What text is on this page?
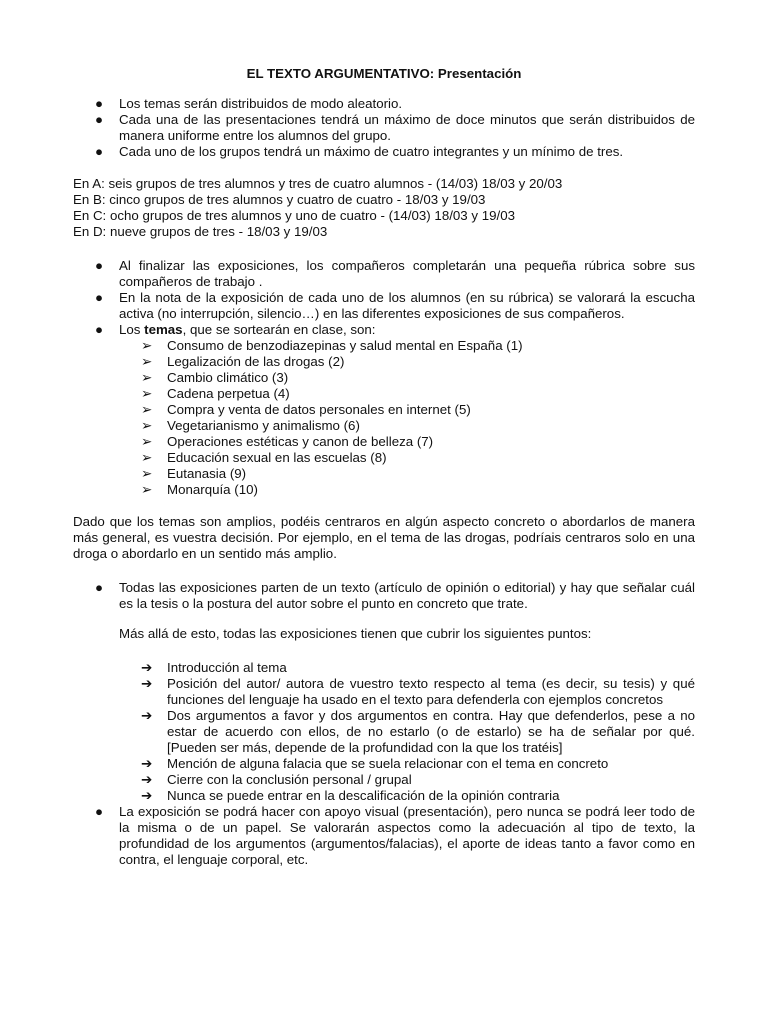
EL TEXTO ARGUMENTATIVO: Presentación
● Los temas serán distribuidos de modo aleatorio.
● Cada una de las presentaciones tendrá un máximo de doce minutos que serán distribuidos de manera uniforme entre los alumnos del grupo.
● Cada uno de los grupos tendrá un máximo de cuatro integrantes y un mínimo de tres.

En A: seis grupos de tres alumnos y tres de cuatro alumnos - (14/03) 18/03 y 20/03

En B: cinco grupos de tres alumnos y cuatro de cuatro - 18/03 y 19/03

En C: ocho grupos de tres alumnos y uno de cuatro - (14/03) 18/03 y 19/03

En D: nueve grupos de tres - 18/03 y 19/03

● Al finalizar las exposiciones, los compañeros completarán una pequeña rúbrica sobre sus compañeros de trabajo .
● En la nota de la exposición de cada uno de los alumnos (en su rúbrica) se valorará la escucha activa (no interrupción, silencio…) en las diferentes exposiciones de sus compañeros.
● Los temas, que se sortearán en clase, son:
➢ Consumo de benzodiazepinas y salud mental en España (1)
➢ Legalización de las drogas (2)
➢ Cambio climático (3)
➢ Cadena perpetua (4)
➢ Compra y venta de datos personales en internet (5)
➢ Vegetarianismo y animalismo (6)
➢ Operaciones estéticas y canon de belleza (7)
➢ Educación sexual en las escuelas (8)
➢ Eutanasia (9)
➢ Monarquía (10)

Dado que los temas son amplios, podéis centraros en algún aspecto concreto o abordarlos de manera más general, es vuestra decisión. Por ejemplo, en el tema de las drogas, podríais centraros solo en una droga o abordarlo en un sentido más amplio.

● Todas las exposiciones parten de un texto (artículo de opinión o editorial) y hay que señalar cuál es la tesis o la postura del autor sobre el punto en concreto que trate.

Más allá de esto, todas las exposiciones tienen que cubrir los siguientes puntos:

➔ Introducción al tema
➔ Posición del autor/ autora de vuestro texto respecto al tema (es decir, su tesis) y qué funciones del lenguaje ha usado en el texto para defenderla con ejemplos concretos
➔ Dos argumentos a favor y dos argumentos en contra. Hay que defenderlos, pese a no estar de acuerdo con ellos, de no estarlo (o de estarlo) se ha de señalar por qué. [Pueden ser más, depende de la profundidad con la que los tratéis]
➔ Mención de alguna falacia que se suela relacionar con el tema en concreto
➔ Cierre con la conclusión personal / grupal
➔ Nunca se puede entrar en la descalificación de la opinión contraria
● La exposición se podrá hacer con apoyo visual (presentación), pero nunca se podrá leer todo de la misma o de un papel. Se valorarán aspectos como la adecuación al tipo de texto, la profundidad de los argumentos (argumentos/falacias), el aporte de ideas tanto a favor como en contra, el lenguaje corporal, etc.
